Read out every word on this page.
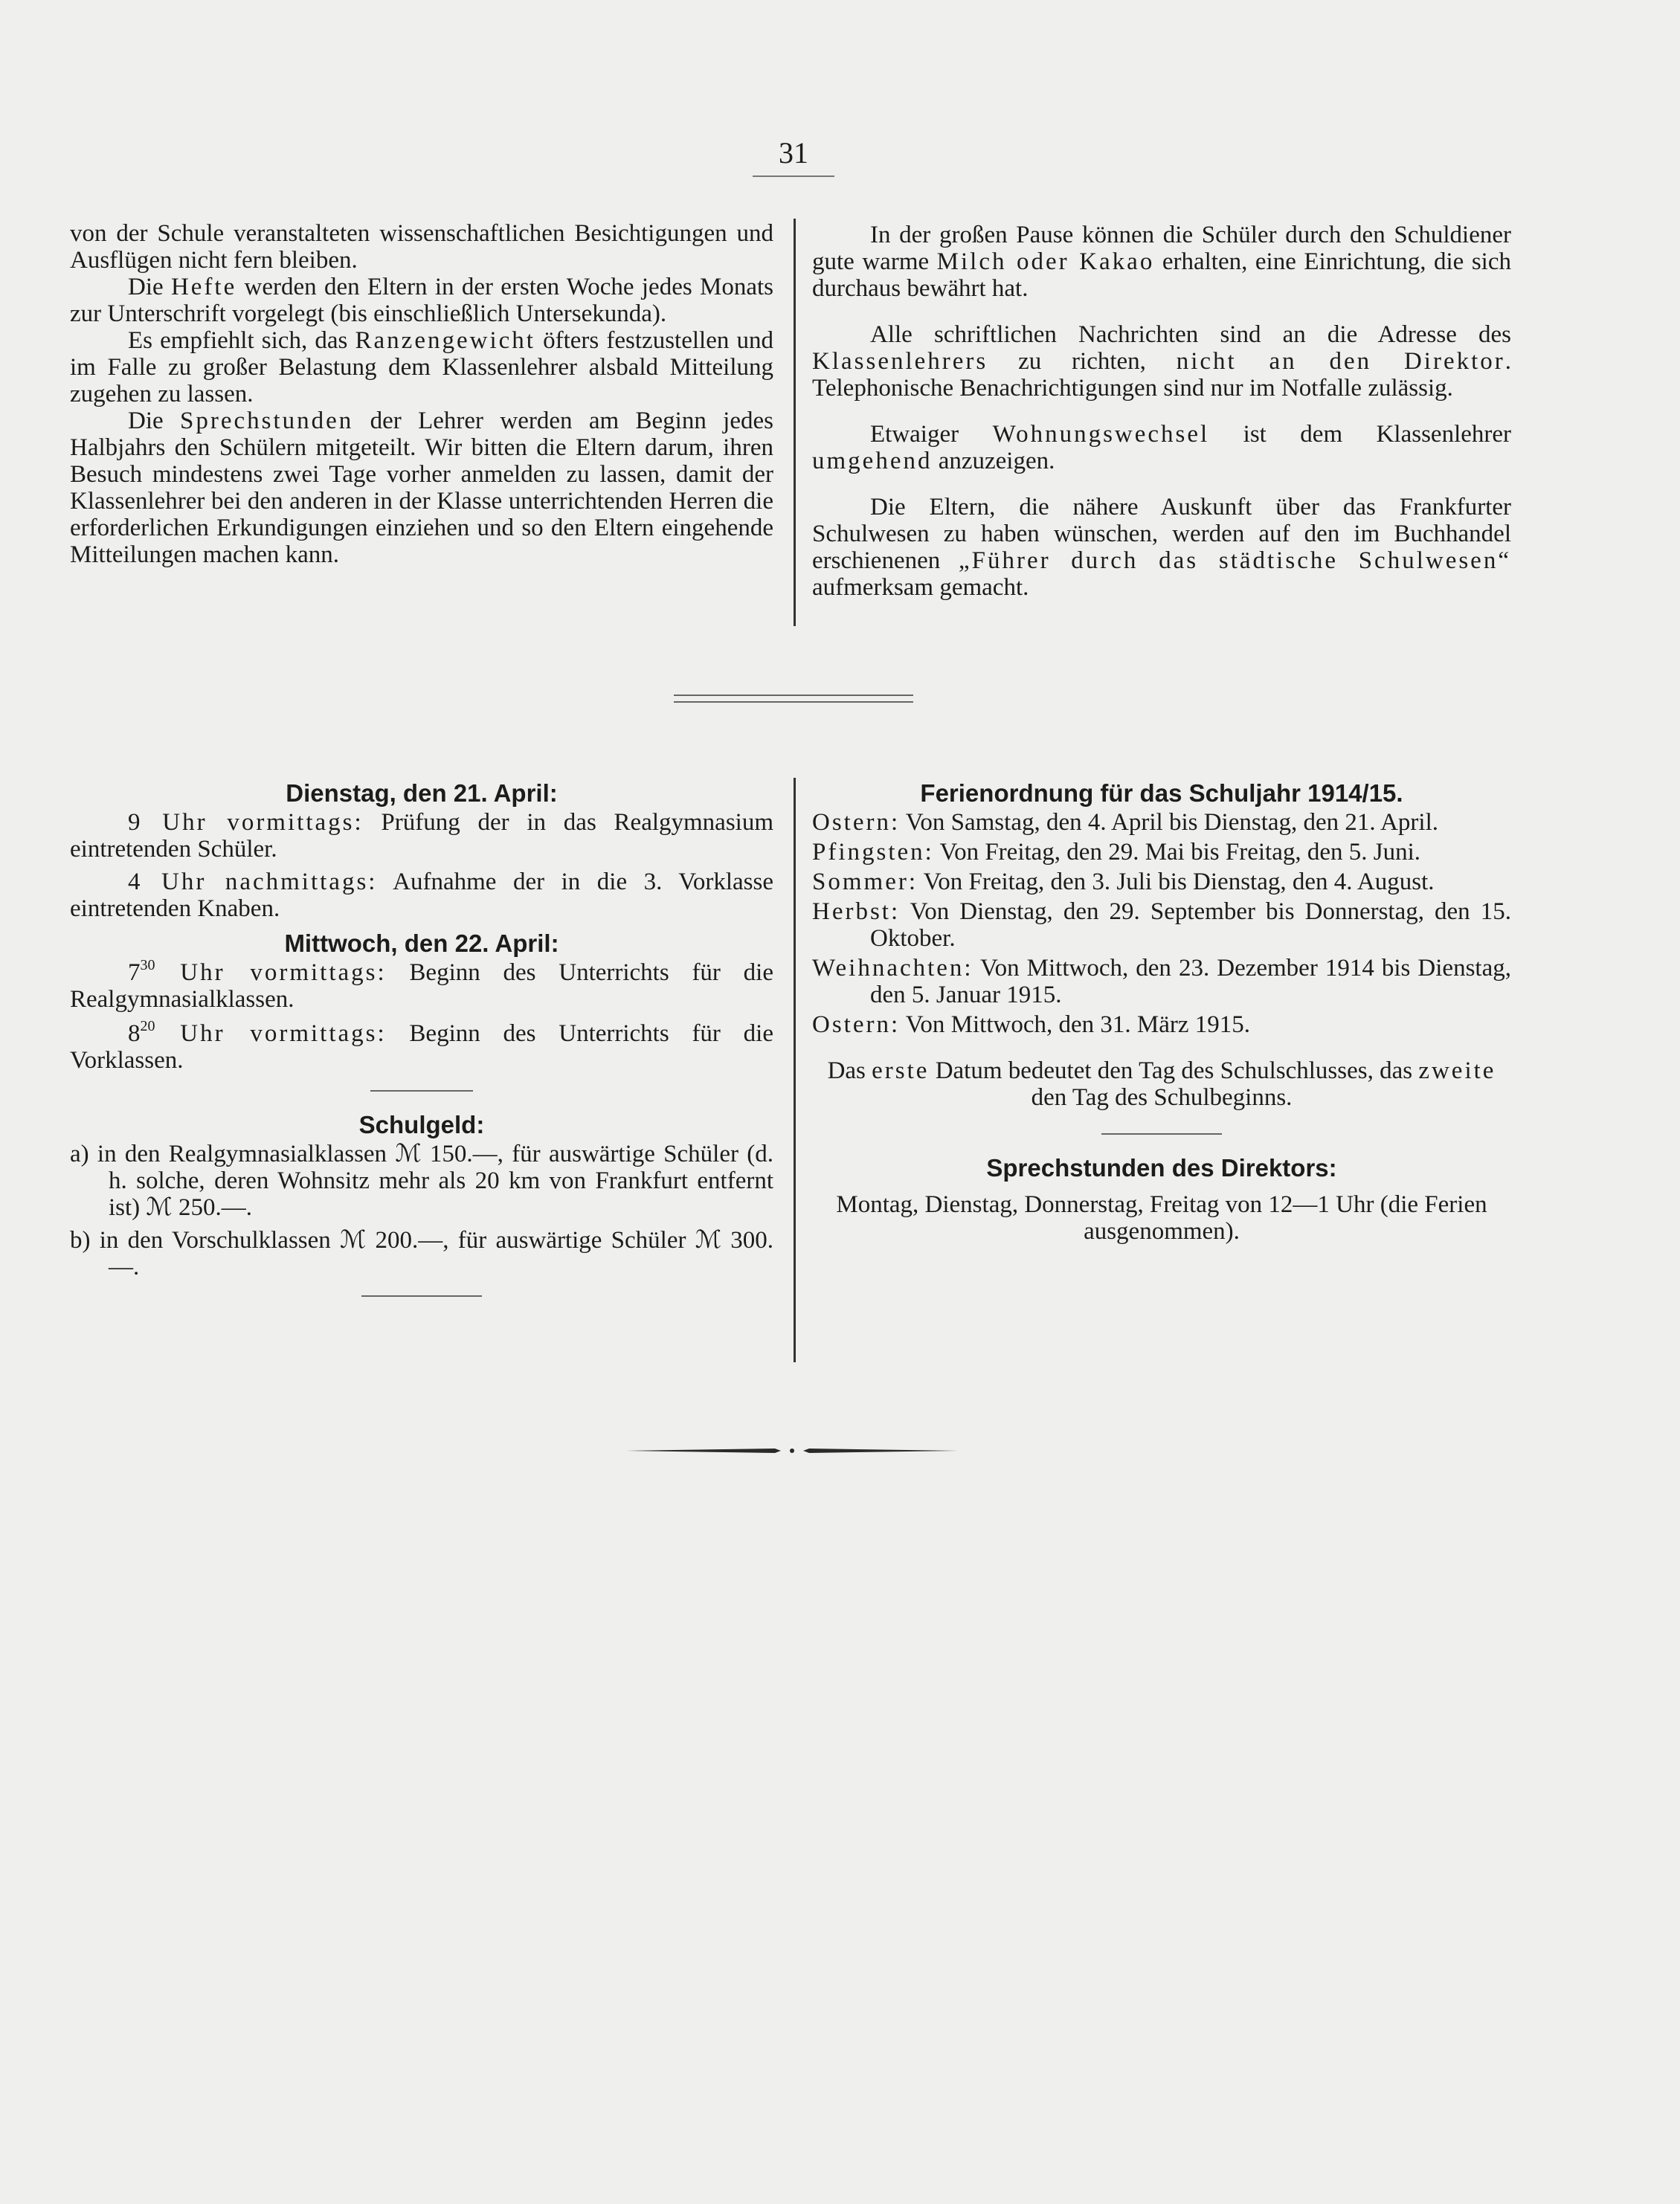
31

von der Schule veranstalteten wissenschaftlichen Besichtigungen und Ausflügen nicht fern bleiben.

Die Hefte werden den Eltern in der ersten Woche jedes Monats zur Unterschrift vorgelegt (bis einschließlich Untersekunda).

Es empfiehlt sich, das Ranzengewicht öfters festzustellen und im Falle zu großer Belastung dem Klassenlehrer alsbald Mitteilung zugehen zu lassen.

Die Sprechstunden der Lehrer werden am Beginn jedes Halbjahrs den Schülern mitgeteilt. Wir bitten die Eltern darum, ihren Besuch mindestens zwei Tage vorher anmelden zu lassen, damit der Klassenlehrer bei den anderen in der Klasse unterrichtenden Herren die erforderlichen Erkundigungen einziehen und so den Eltern eingehende Mitteilungen machen kann.

In der großen Pause können die Schüler durch den Schuldiener gute warme Milch oder Kakao erhalten, eine Einrichtung, die sich durchaus bewährt hat.

Alle schriftlichen Nachrichten sind an die Adresse des Klassenlehrers zu richten, nicht an den Direktor. Telephonische Benachrichtigungen sind nur im Notfalle zulässig.

Etwaiger Wohnungswechsel ist dem Klassenlehrer umgehend anzuzeigen.

Die Eltern, die nähere Auskunft über das Frankfurter Schulwesen zu haben wünschen, werden auf den im Buchhandel erschienenen „Führer durch das städtische Schulwesen“ aufmerksam gemacht.

Dienstag, den 21. April:

9 Uhr vormittags: Prüfung der in das Realgymnasium eintretenden Schüler.

4 Uhr nachmittags: Aufnahme der in die 3. Vorklasse eintretenden Knaben.

Mittwoch, den 22. April:

$7^{30}$ Uhr vormittags: Beginn des Unterrichts für die Realgymnasialklassen.

$8^{20}$ Uhr vormittags: Beginn des Unterrichts für die Vorklassen.

Schulgeld:

a) in den Realgymnasialklassen ℳ 150.—, für auswärtige Schüler (d. h. solche, deren Wohnsitz mehr als 20 km von Frankfurt entfernt ist) ℳ 250.—.

b) in den Vorschulklassen ℳ 200.—, für auswärtige Schüler ℳ 300.—.

Ferienordnung für das Schuljahr 1914/15.

Ostern: Von Samstag, den 4. April bis Dienstag, den 21. April.

Pfingsten: Von Freitag, den 29. Mai bis Freitag, den 5. Juni.

Sommer: Von Freitag, den 3. Juli bis Dienstag, den 4. August.

Herbst: Von Dienstag, den 29. September bis Donnerstag, den 15. Oktober.

Weihnachten: Von Mittwoch, den 23. Dezember 1914 bis Dienstag, den 5. Januar 1915.

Ostern: Von Mittwoch, den 31. März 1915.

Das erste Datum bedeutet den Tag des Schulschlusses, das zweite den Tag des Schulbeginns.

Sprechstunden des Direktors:

Montag, Dienstag, Donnerstag, Freitag von 12—1 Uhr (die Ferien ausgenommen).
